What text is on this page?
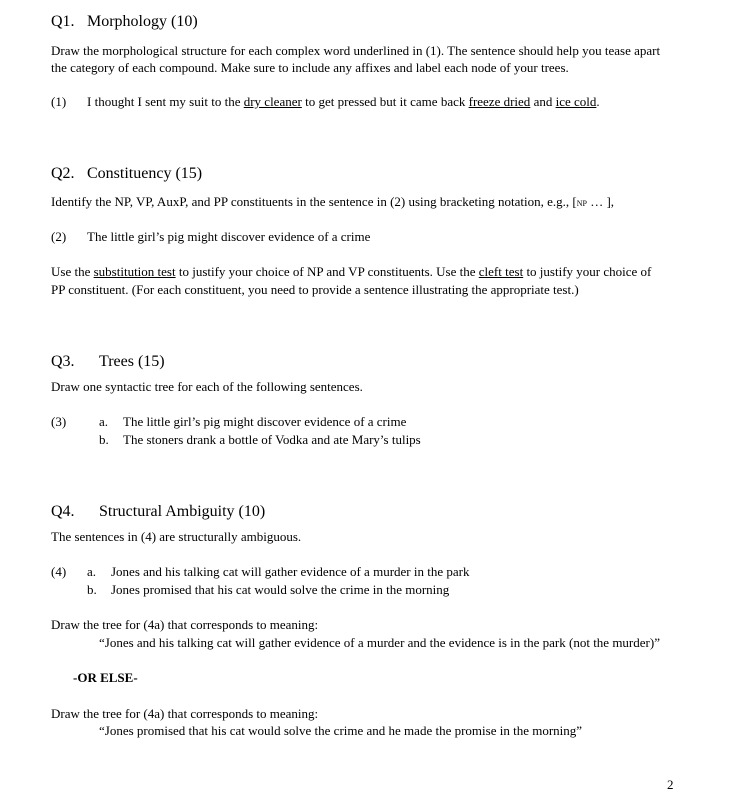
Q1. Morphology (10)
Draw the morphological structure for each complex word underlined in (1). The sentence should help you tease apart
the category of each compound. Make sure to include any affixes and label each node of your trees.
(1) I thought I sent my suit to the dry cleaner to get pressed but it came back freeze dried and ice cold.
Q2. Constituency (15)
Identify the NP, VP, AuxP, and PP constituents in the sentence in (2) using bracketing notation, e.g., [NP … ],
(2) The little girl’s pig might discover evidence of a crime
Use the substitution test to justify your choice of NP and VP constituents. Use the cleft test to justify your choice of
PP constituent. (For each constituent, you need to provide a sentence illustrating the appropriate test.)
Q3. Trees (15)
Draw one syntactic tree for each of the following sentences.
(3)	a. The little girl’s pig might discover evidence of a crime
b. The stoners drank a bottle of Vodka and ate Mary’s tulips
Q4. Structural Ambiguity (10)
The sentences in (4) are structurally ambiguous.
(4) a. Jones and his talking cat will gather evidence of a murder in the park
b. Jones promised that his cat would solve the crime in the morning
Draw the tree for (4a) that corresponds to meaning:
“Jones and his talking cat will gather evidence of a murder and the evidence is in the park (not the murder)”
-OR ELSE-
Draw the tree for (4a) that corresponds to meaning:
“Jones promised that his cat would solve the crime and he made the promise in the morning”
2
